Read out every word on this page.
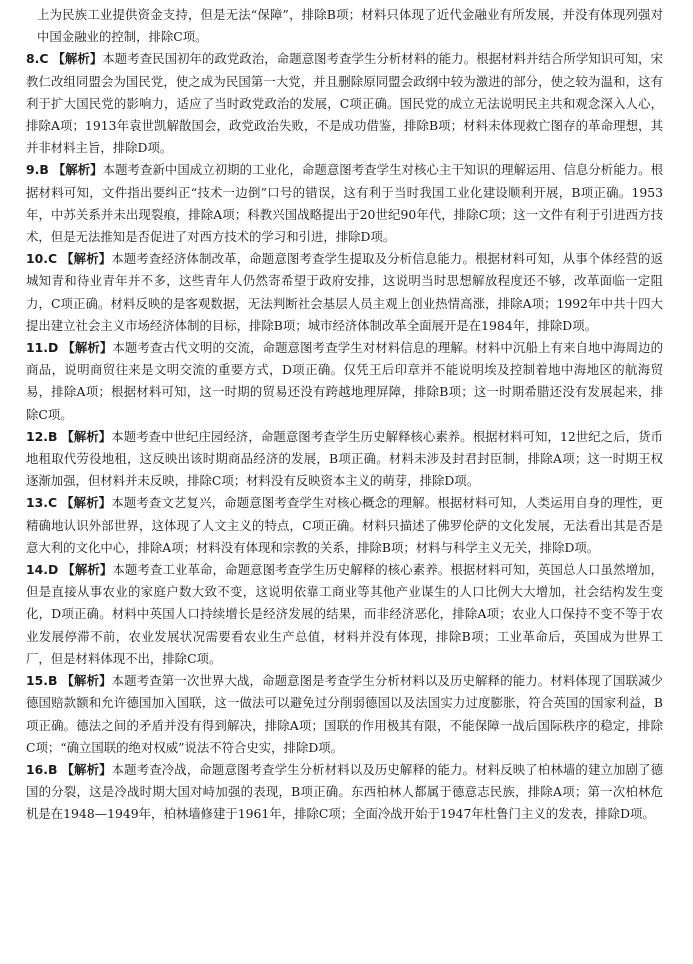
上为民族工业提供资金支持，但是无法“保障”，排除B项；材料只体现了近代金融业有所发展，并没有体现列强对中国金融业的控制，排除C项。

8.C 【解析】本题考查民国初年的政党政治，命题意图考查学生分析材料的能力。根据材料并结合所学知识可知，宋教仁改组同盟会为国民党，使之成为民国第一大党，并且删除原同盟会政纲中较为激进的部分，使之较为温和，这有利于扩大国民党的影响力，适应了当时政党政治的发展，C项正确。国民党的成立无法说明民主共和观念深入人心，排除A项；1913年袁世凯解散国会，政党政治失败，不是成功借鉴，排除B项；材料未体现救亡图存的革命理想，其并非材料主旨，排除D项。

9.B 【解析】本题考查新中国成立初期的工业化，命题意图考查学生对核心主干知识的理解运用、信息分析能力。根据材料可知，文件指出要纠正“技术一边倒”口号的错误，这有利于当时我国工业化建设顺利开展，B项正确。1953年，中苏关系并未出现裂痕，排除A项；科教兴国战略提出于20世纪90年代，排除C项；这一文件有利于引进西方技术，但是无法推知是否促进了对西方技术的学习和引进，排除D项。

10.C 【解析】本题考查经济体制改革，命题意图考查学生提取及分析信息能力。根据材料可知，从事个体经营的返城知青和待业青年并不多，这些青年人仍然寄希望于政府安排，这说明当时思想解放程度还不够，改革面临一定阻力，C项正确。材料反映的是客观数据，无法判断社会基层人员主观上创业热情高涨，排除A项；1992年中共十四大提出建立社会主义市场经济体制的目标，排除B项；城市经济体制改革全面展开是在1984年，排除D项。

11.D 【解析】本题考查古代文明的交流，命题意图考查学生对材料信息的理解。材料中沉船上有来自地中海周边的商品，说明商贸往来是文明交流的重要方式，D项正确。仅凭王后印章并不能说明埃及控制着地中海地区的航海贸易，排除A项；根据材料可知，这一时期的贸易还没有跨越地理屏障，排除B项；这一时期希腊还没有发展起来，排除C项。

12.B 【解析】本题考查中世纪庄园经济，命题意图考查学生历史解释核心素养。根据材料可知，12世纪之后，货币地租取代劳役地租，这反映出该时期商品经济的发展，B项正确。材料未涉及封君封臣制，排除A项；这一时期王权逐渐加强，但材料并未反映，排除C项；材料没有反映资本主义的萌芽，排除D项。

13.C 【解析】本题考查文艺复兴，命题意图考查学生对核心概念的理解。根据材料可知，人类运用自身的理性，更精确地认识外部世界，这体现了人文主义的特点，C项正确。材料只描述了佛罗伦萨的文化发展，无法看出其是否是意大利的文化中心，排除A项；材料没有体现和宗教的关系，排除B项；材料与科学主义无关，排除D项。

14.D 【解析】本题考查工业革命，命题意图考查学生历史解释的核心素养。根据材料可知，英国总人口虽然增加，但是直接从事农业的家庭户数大致不变，这说明依靠工商业等其他产业谋生的人口比例大大增加，社会结构发生变化，D项正确。材料中英国人口持续增长是经济发展的结果，而非经济恶化，排除A项；农业人口保持不变不等于农业发展停滞不前，农业发展状况需要看农业生产总值，材料并没有体现，排除B项；工业革命后，英国成为世界工厂，但是材料体现不出，排除C项。

15.B 【解析】本题考查第一次世界大战，命题意图是考查学生分析材料以及历史解释的能力。材料体现了国联减少德国赔款额和允许德国加入国联，这一做法可以避免过分削弱德国以及法国实力过度膨胀，符合英国的国家利益，B项正确。德法之间的矛盾并没有得到解决，排除A项；国联的作用极其有限，不能保障一战后国际秩序的稳定，排除C项；“确立国联的绝对权威”说法不符合史实，排除D项。

16.B 【解析】本题考查冷战，命题意图考查学生分析材料以及历史解释的能力。材料反映了柏林墙的建立加剧了德国的分裂，这是冷战时期大国对峙加强的表现，B项正确。东西柏林人都属于德意志民族，排除A项；第一次柏林危机是在1948—1949年，柏林墙修建于1961年，排除C项；全面冷战开始于1947年杜鲁门主义的发表，排除D项。
